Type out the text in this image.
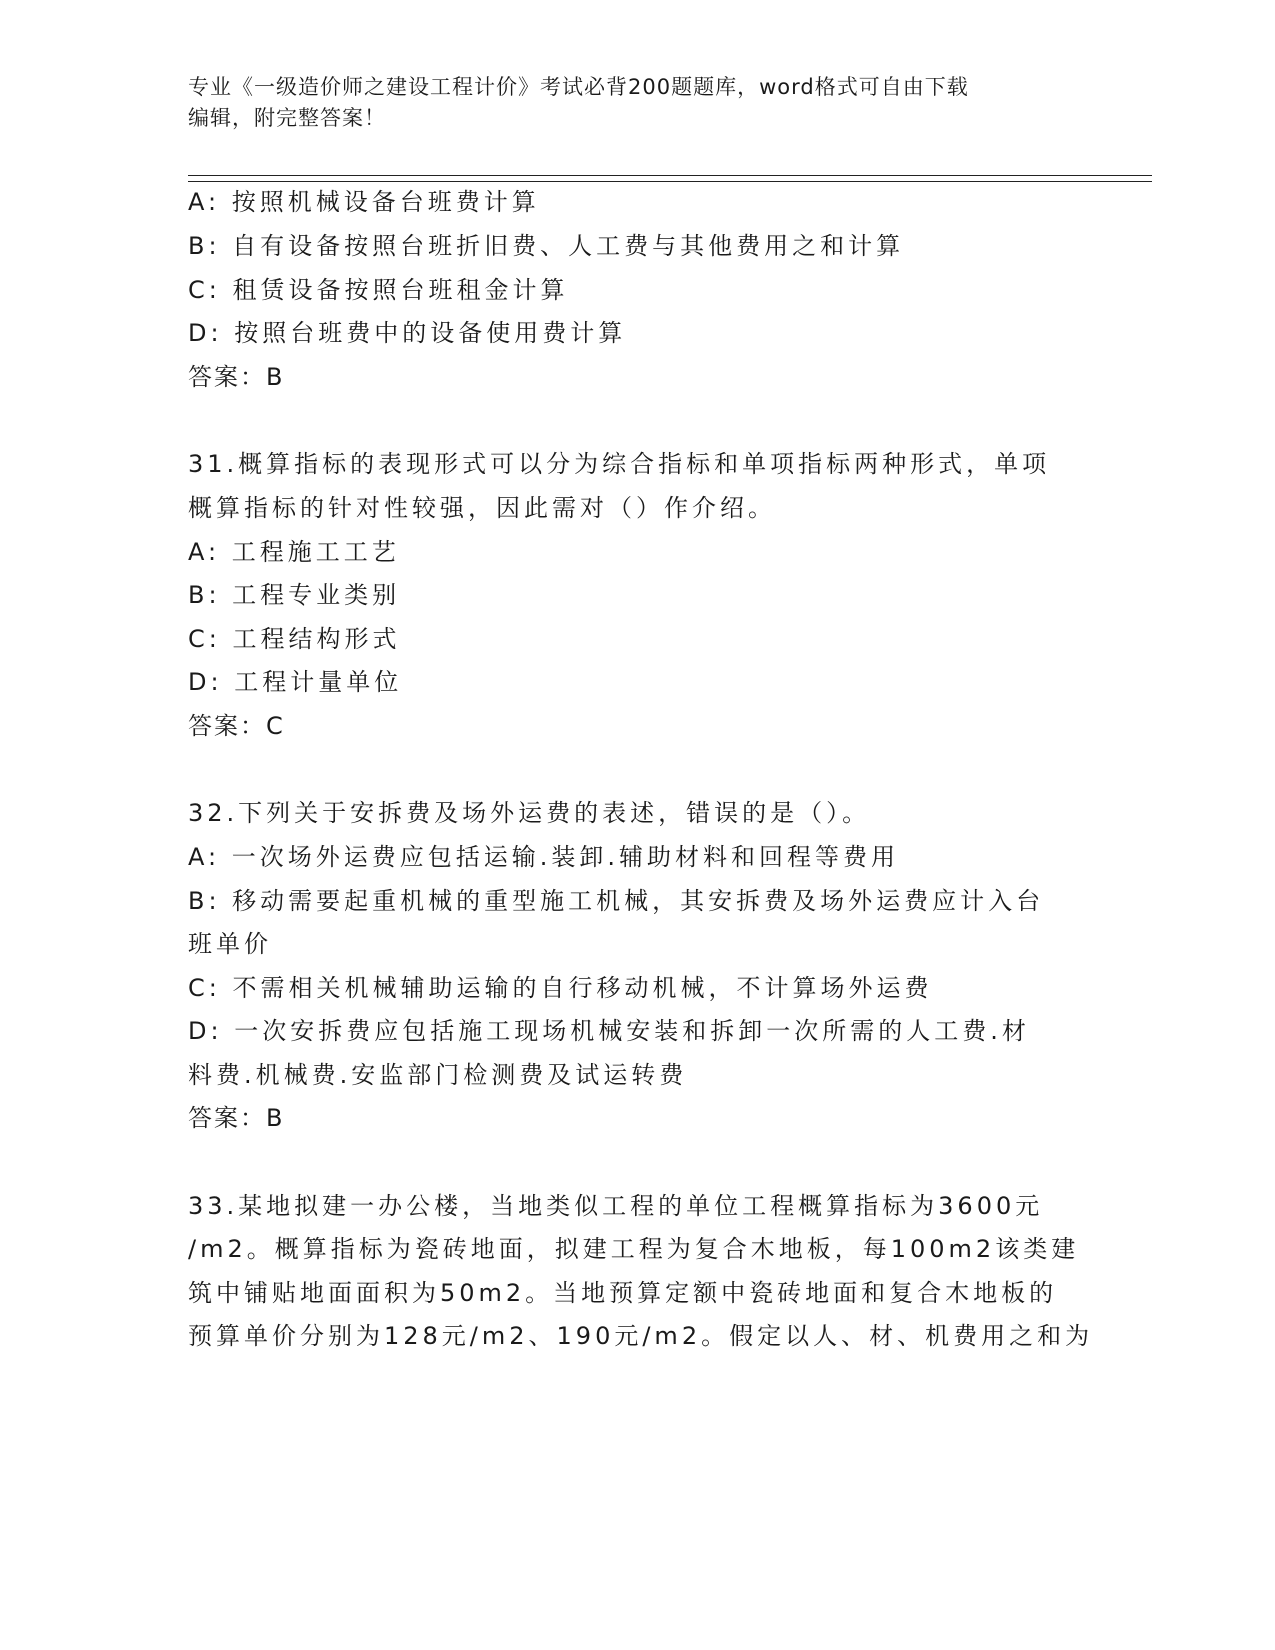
专业《一级造价师之建设工程计价》考试必背200题题库，word格式可自由下载
编辑，附完整答案！
A: 按照机械设备台班费计算
B: 自有设备按照台班折旧费、人工费与其他费用之和计算
C: 租赁设备按照台班租金计算
D: 按照台班费中的设备使用费计算
答案：B
31.概算指标的表现形式可以分为综合指标和单项指标两种形式，单项
概算指标的针对性较强，因此需对（）作介绍。
A: 工程施工工艺
B: 工程专业类别
C: 工程结构形式
D: 工程计量单位
答案：C
32.下列关于安拆费及场外运费的表述，错误的是（）。
A: 一次场外运费应包括运输.装卸.辅助材料和回程等费用
B: 移动需要起重机械的重型施工机械，其安拆费及场外运费应计入台
班单价
C: 不需相关机械辅助运输的自行移动机械，不计算场外运费
D: 一次安拆费应包括施工现场机械安装和拆卸一次所需的人工费.材
料费.机械费.安监部门检测费及试运转费
答案：B
33.某地拟建一办公楼，当地类似工程的单位工程概算指标为3600元
/m2。概算指标为瓷砖地面，拟建工程为复合木地板，每100m2该类建
筑中铺贴地面面积为50m2。当地预算定额中瓷砖地面和复合木地板的
预算单价分别为128元/m2、190元/m2。假定以人、材、机费用之和为
